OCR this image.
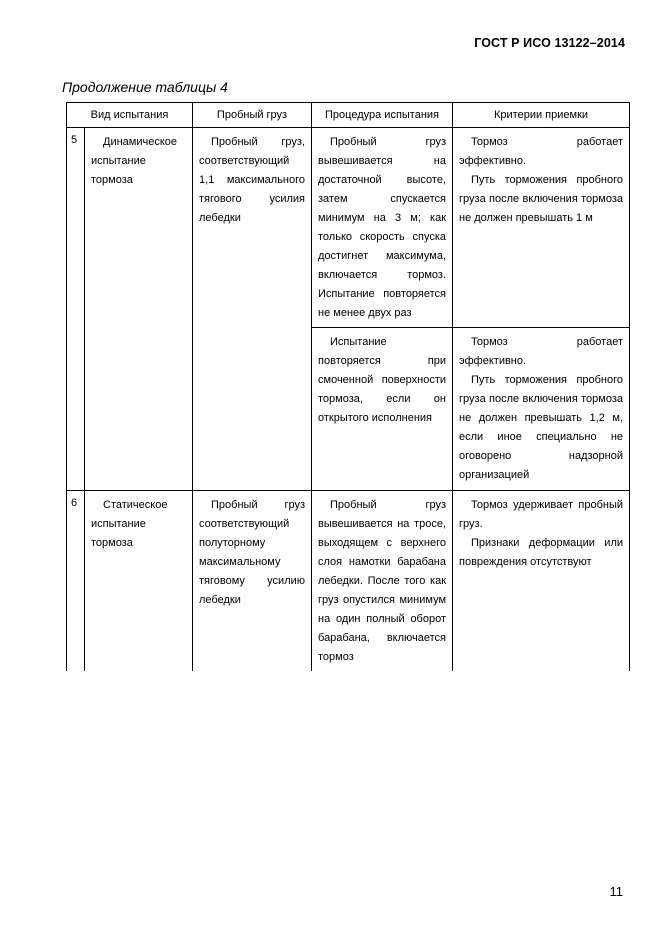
ГОСТ Р ИСО 13122–2014
Продолжение таблицы 4
Вид испытания		Пробный груз	Процедура испытания	Критерии приемки
5	Динамическое испытание тормоза	Пробный груз, соответствующий 1,1 максимального тягового усилия лебедки	Пробный груз вывешивается на достаточной высоте, затем спускается минимум на 3 м; как только скорость спуска достигнет максимума, включается тормоз. Испытание повторяется не менее двух раз	Тормоз работает эффективно.

Путь торможения пробного груза после включения тормоза не должен превышать 1 м

			Испытание повторяется при смоченной поверхности тормоза, если он открытого исполнения	Тормоз работает эффективно.

Путь торможения пробного груза после включения тормоза не должен превышать 1,2 м, если иное специально не оговорено надзорной организацией

6	Статическое испытание тормоза	Пробный груз соответствующий полуторному максимальному тяговому усилию лебедки	Пробный груз вывешивается на тросе, выходящем с верхнего слоя намотки барабана лебедки. После того как груз опустился минимум на один полный оборот барабана, включается тормоз	Тормоз удерживает пробный груз.

Признаки деформации или повреждения отсутствуют

11
